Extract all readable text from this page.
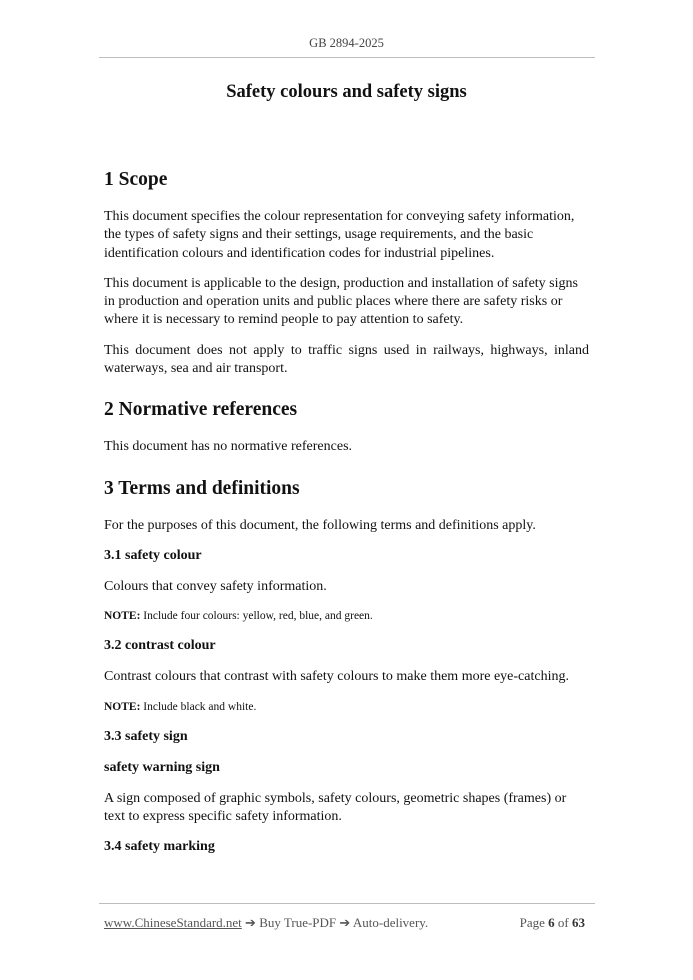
GB 2894-2025
Safety colours and safety signs
1 Scope

This document specifies the colour representation for conveying safety information, the types of safety signs and their settings, usage requirements, and the basic identification colours and identification codes for industrial pipelines.

This document is applicable to the design, production and installation of safety signs in production and operation units and public places where there are safety risks or where it is necessary to remind people to pay attention to safety.

This document does not apply to traffic signs used in railways, highways, inland waterways, sea and air transport.

2 Normative references

This document has no normative references.

3 Terms and definitions

For the purposes of this document, the following terms and definitions apply.

3.1 safety colour

Colours that convey safety information.

NOTE: Include four colours: yellow, red, blue, and green.
3.2 contrast colour

Contrast colours that contrast with safety colours to make them more eye-catching.

NOTE: Include black and white.
3.3 safety sign
safety warning sign

A sign composed of graphic symbols, safety colours, geometric shapes (frames) or text to express specific safety information.

3.4 safety marking
www.ChineseStandard.net ➔ Buy True-PDF ➔ Auto-delivery.	Page 6 of 63
